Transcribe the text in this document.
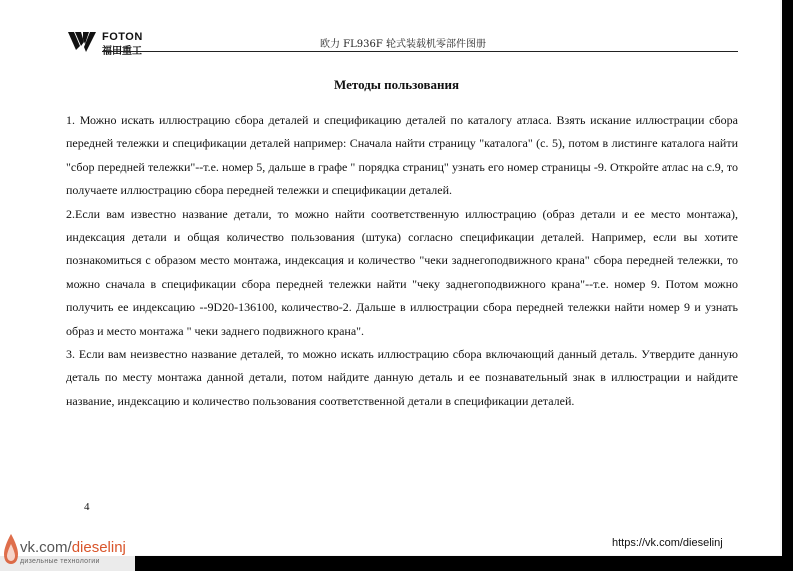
FOTON
福田重工
欧力 FL936F 轮式装载机零部件图册
Методы пользования

1. Можно искать иллюстрацию сбора деталей и спецификацию деталей по каталогу атласа. Взять искание иллюстрации сбора передней тележки и спецификации деталей например: Сначала найти страницу "каталога" (с. 5), потом в листинге каталога найти "сбор передней тележки"--т.е. номер 5, дальше в графе " порядка страниц" узнать его номер страницы -9. Откройте атлас на с.9, то получаете иллюстрацию сбора передней тележки и спецификации деталей.

2.Если вам известно название детали, то можно найти соответственную иллюстрацию (образ детали и ее место монтажа), индексация детали и общая количество пользования (штука) согласно спецификации деталей. Например, если вы хотите познакомиться с образом место монтажа, индексация и количество "чеки заднегоподвижного крана" сбора передней тележки, то можно сначала в спецификации сбора передней тележки найти "чеку заднегоподвижного крана"--т.е. номер 9. Потом можно получить ее индексацию --9D20-136100, количество-2. Дальше в иллюстрации сбора передней тележки найти номер 9 и узнать образ и место монтажа " чеки заднего подвижного крана".

3. Если вам неизвестно название деталей, то можно искать иллюстрацию сбора включающий данный деталь. Утвердите данную деталь по месту монтажа данной детали, потом найдите данную деталь и ее познавательный знак в иллюстрации и найдите название, индексацию и количество пользования соответственной детали в спецификации деталей.

4
https://vk.com/dieselinj
vk.com/dieselinj
дизельные технологии
